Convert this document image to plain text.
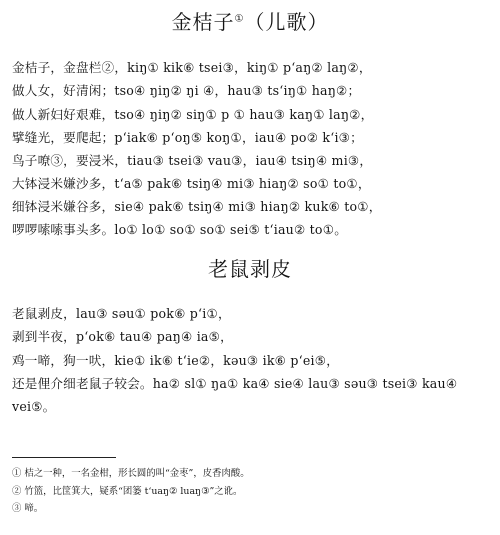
金桔子①（儿歌）
金桔子，金盘栏②，kiŋ① kik⑥ tsei③，kiŋ① pʻaŋ② laŋ②，
做人女，好清闲；tso④ ŋiŋ② ŋi ④，hau③ tsʻiŋ① haŋ②；
做人新妇好艰难，tso④ ŋiŋ② siŋ① p ① hau③ kaŋ① laŋ②，
擘缝光，要爬起；pʻiak⑥ pʻoŋ⑤ koŋ①，iau④ po② kʻi③；
鸟子嘹③，要浸米，tiau③ tsei③ vau③，iau④ tsiŋ④ mi③，
大钵浸米嫌沙多，tʻa⑤ pak⑥ tsiŋ④ mi③ hiaŋ② so① to①，
细钵浸米嫌谷多，sie④ pak⑥ tsiŋ④ mi③ hiaŋ② kuk⑥ to①，
啰啰嗦嗦事头多。lo① lo① so① so① sei⑤ tʻiau② to①。
老鼠剥皮
老鼠剥皮，lau③ səu① pok⑥ pʻi①，
剥到半夜，pʻok⑥ tau④ paŋ④ ia⑤，
鸡一啼，狗一吠，kie① ik⑥ tʻie②，kəu③ ik⑥ pʻei⑤，
还是俚介细老鼠子较会。ha② sl① ŋa① ka④ sie④ lau③ səu③ tsei③ kau④
vei⑤。
① 桔之一种，一名金柑，形长圆的叫“金枣”，皮香肉酸。
② 竹篮，比筐箕大，疑系“团篓 tʻuaŋ② luaŋ③”之讹。
③ 啼。
